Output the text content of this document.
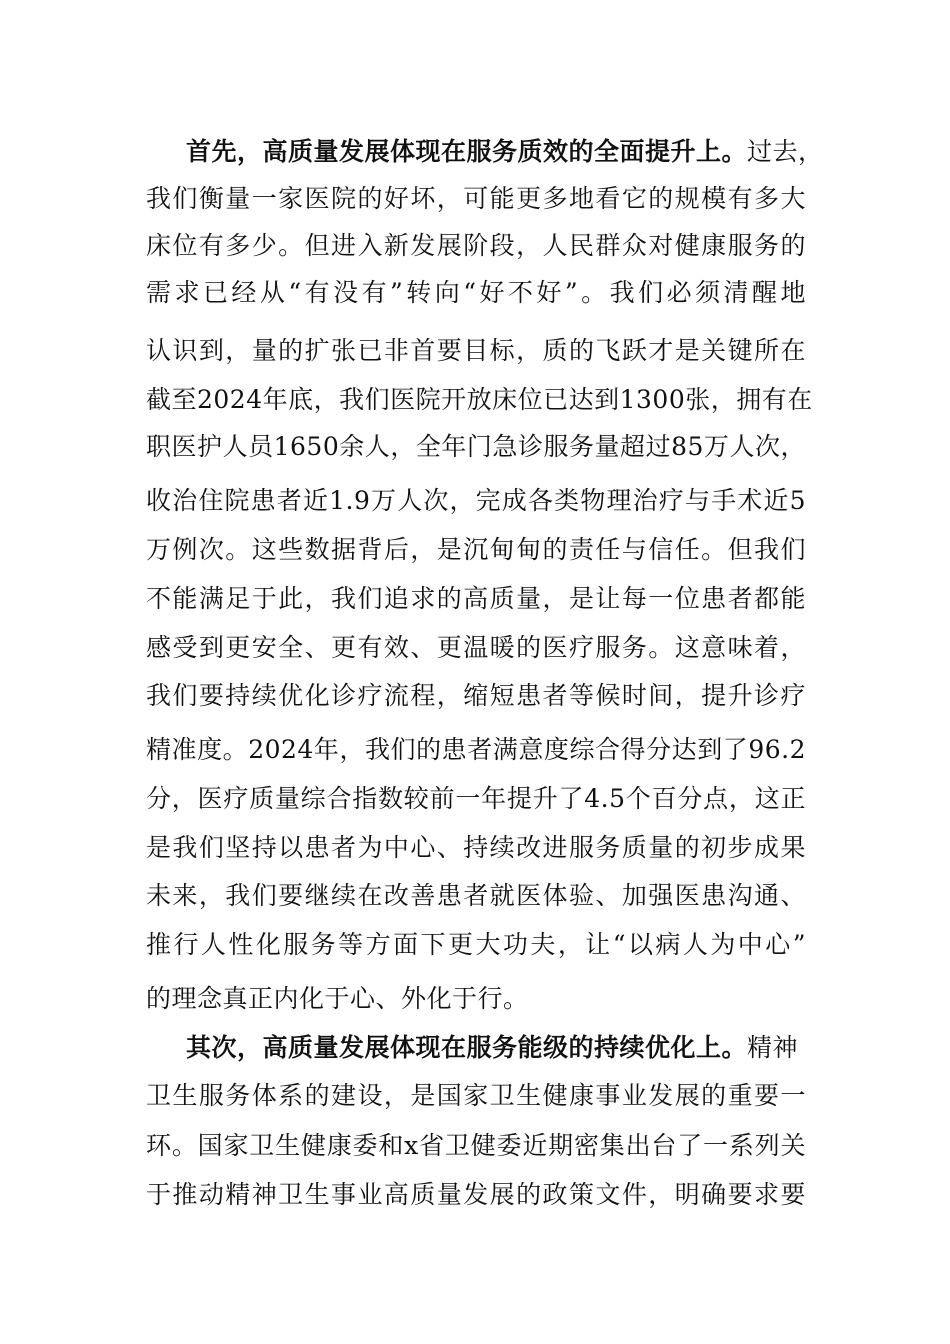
首先，高质量发展体现在服务质效的全面提升上。过去，
我们衡量一家医院的好坏，可能更多地看它的规模有多大
床位有多少。但进入新发展阶段，人民群众对健康服务的
需求已经从“有没有”转向“好不好”。我们必须清醒地
认识到，量的扩张已非首要目标，质的飞跃才是关键所在
截至2024年底，我们医院开放床位已达到1300张，拥有在
职医护人员1650余人，全年门急诊服务量超过85万人次，
收治住院患者近1.9万人次，完成各类物理治疗与手术近5
万例次。这些数据背后，是沉甸甸的责任与信任。但我们
不能满足于此，我们追求的高质量，是让每一位患者都能
感受到更安全、更有效、更温暖的医疗服务。这意味着，
我们要持续优化诊疗流程，缩短患者等候时间，提升诊疗
精准度。2024年，我们的患者满意度综合得分达到了96.2
分，医疗质量综合指数较前一年提升了4.5个百分点，这正
是我们坚持以患者为中心、持续改进服务质量的初步成果
未来，我们要继续在改善患者就医体验、加强医患沟通、
推行人性化服务等方面下更大功夫，让“以病人为中心”
的理念真正内化于心、外化于行。
其次，高质量发展体现在服务能级的持续优化上。精神
卫生服务体系的建设，是国家卫生健康事业发展的重要一
环。国家卫生健康委和x省卫健委近期密集出台了一系列关
于推动精神卫生事业高质量发展的政策文件，明确要求要
